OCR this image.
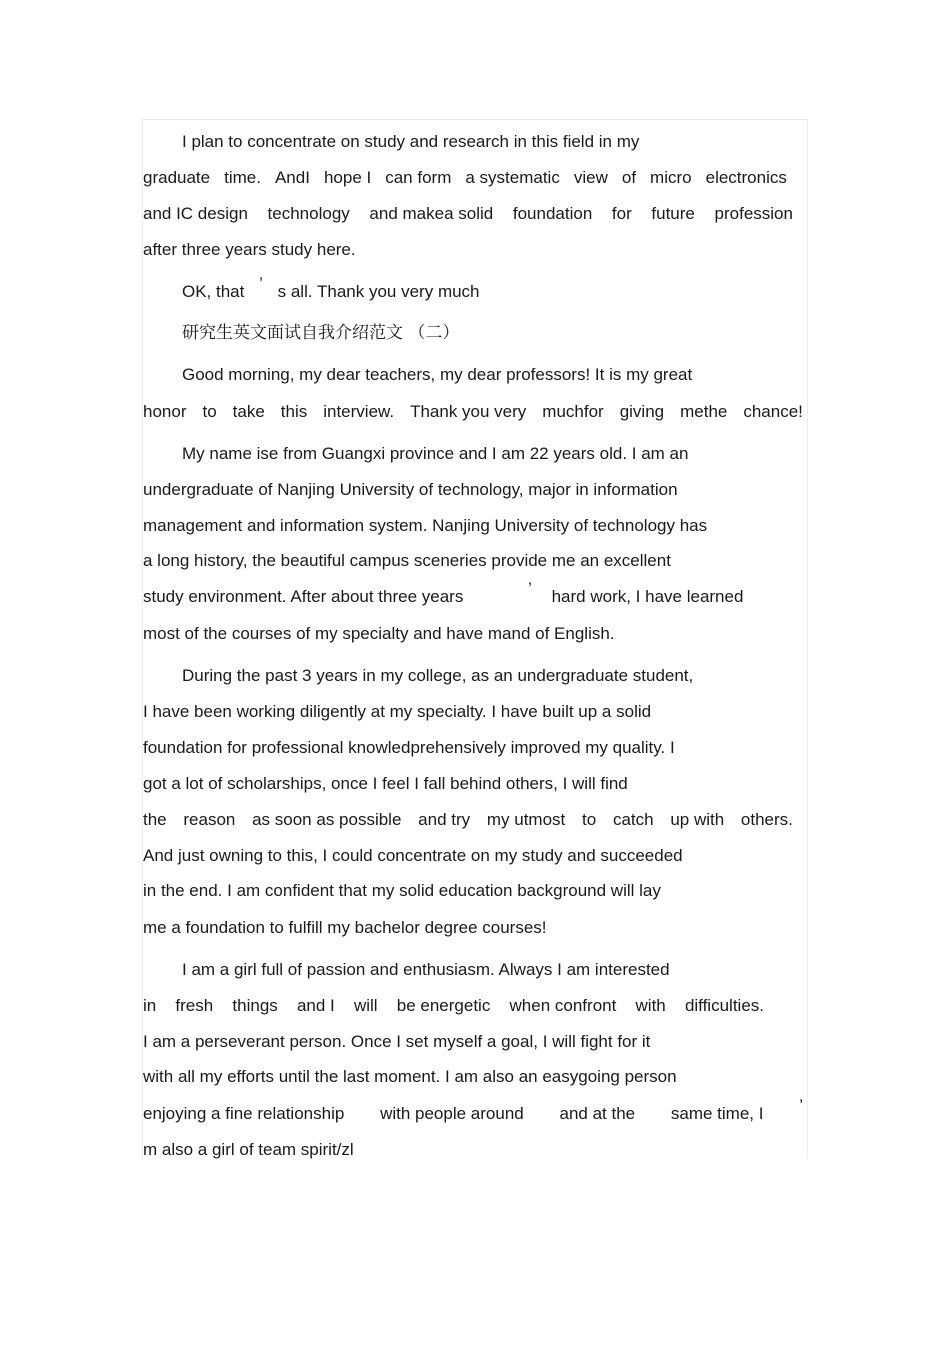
I plan to concentrate on study and research in this field in my
graduate time. AndI hope I can form a systematic view of micro electronics
and IC design technology and makea solid foundation for future profession
after three years study here.
OK, that ’ s all. Thank you very much
研究生英文面试自我介绍范文 （二）
Good morning, my dear teachers, my dear professors! It is my great
honor to take this interview. Thank you very muchfor giving methe chance!
My name ise from Guangxi province and I am 22 years old. I am an
undergraduate of Nanjing University of technology, major in information
management and information system. Nanjing University of technology has
a long history, the beautiful campus sceneries provide me an excellent
study environment. After about three years	’ hard work, I have learned
most of the courses of my specialty and have mand of English.
During the past 3 years in my college, as an undergraduate student,
I have been working diligently at my specialty. I have built up a solid
foundation for professional knowledprehensively improved my quality. I
got a lot of scholarships, once I feel I fall behind others, I will find
the reason as soon as possible and try my utmost to catch up with others.
And just owning to this, I could concentrate on my study and succeeded
in the end. I am confident that my solid education background will lay
me a foundation to fulfill my bachelor degree courses!
I am a girl full of passion and enthusiasm. Always I am interested
in fresh things and I will be energetic when confront with difficulties.
I am a perseverant person. Once I set myself a goal, I will fight for it
with all my efforts until the last moment. I am also an easygoing person
enjoying a fine relationship with people around and at the same time, I ’
m also a girl of team spirit/zl
